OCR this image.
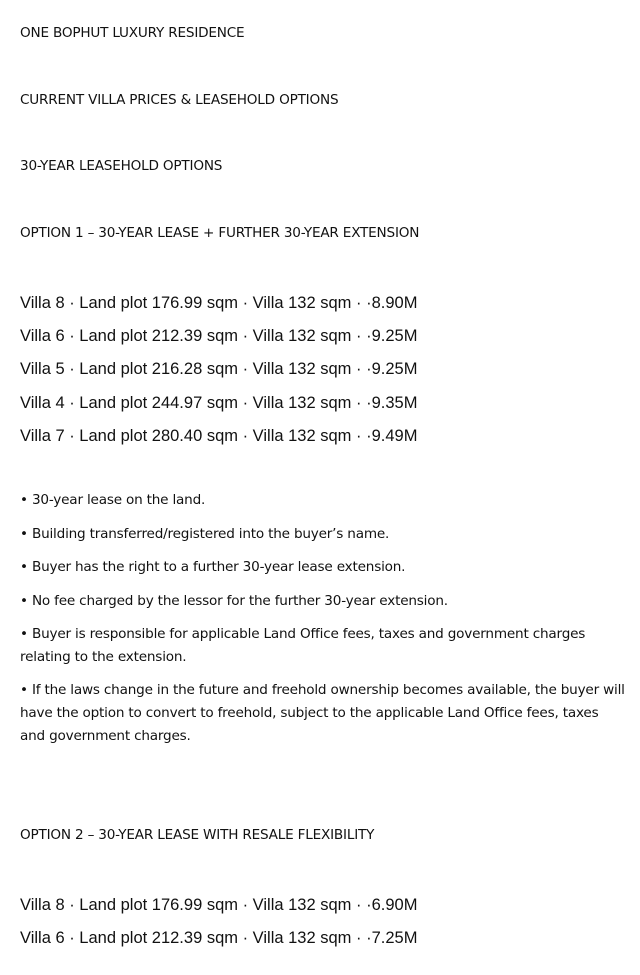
ONE BOPHUT LUXURY RESIDENCE
CURRENT VILLA PRICES & LEASEHOLD OPTIONS
30-YEAR LEASEHOLD OPTIONS
OPTION 1 – 30-YEAR LEASE + FURTHER 30-YEAR EXTENSION
Villa 8 · Land plot 176.99 sqm · Villa 132 sqm · ·8.90M
Villa 6 · Land plot 212.39 sqm · Villa 132 sqm · ·9.25M
Villa 5 · Land plot 216.28 sqm · Villa 132 sqm · ·9.25M
Villa 4 · Land plot 244.97 sqm · Villa 132 sqm · ·9.35M
Villa 7 · Land plot 280.40 sqm · Villa 132 sqm · ·9.49M
• 30-year lease on the land.
• Building transferred/registered into the buyer’s name.
• Buyer has the right to a further 30-year lease extension.
• No fee charged by the lessor for the further 30-year extension.
• Buyer is responsible for applicable Land Office fees, taxes and government charges relating to the extension.
• If the laws change in the future and freehold ownership becomes available, the buyer will have the option to convert to freehold, subject to the applicable Land Office fees, taxes and government charges.
OPTION 2 – 30-YEAR LEASE WITH RESALE FLEXIBILITY
Villa 8 · Land plot 176.99 sqm · Villa 132 sqm · ·6.90M
Villa 6 · Land plot 212.39 sqm · Villa 132 sqm · ·7.25M
